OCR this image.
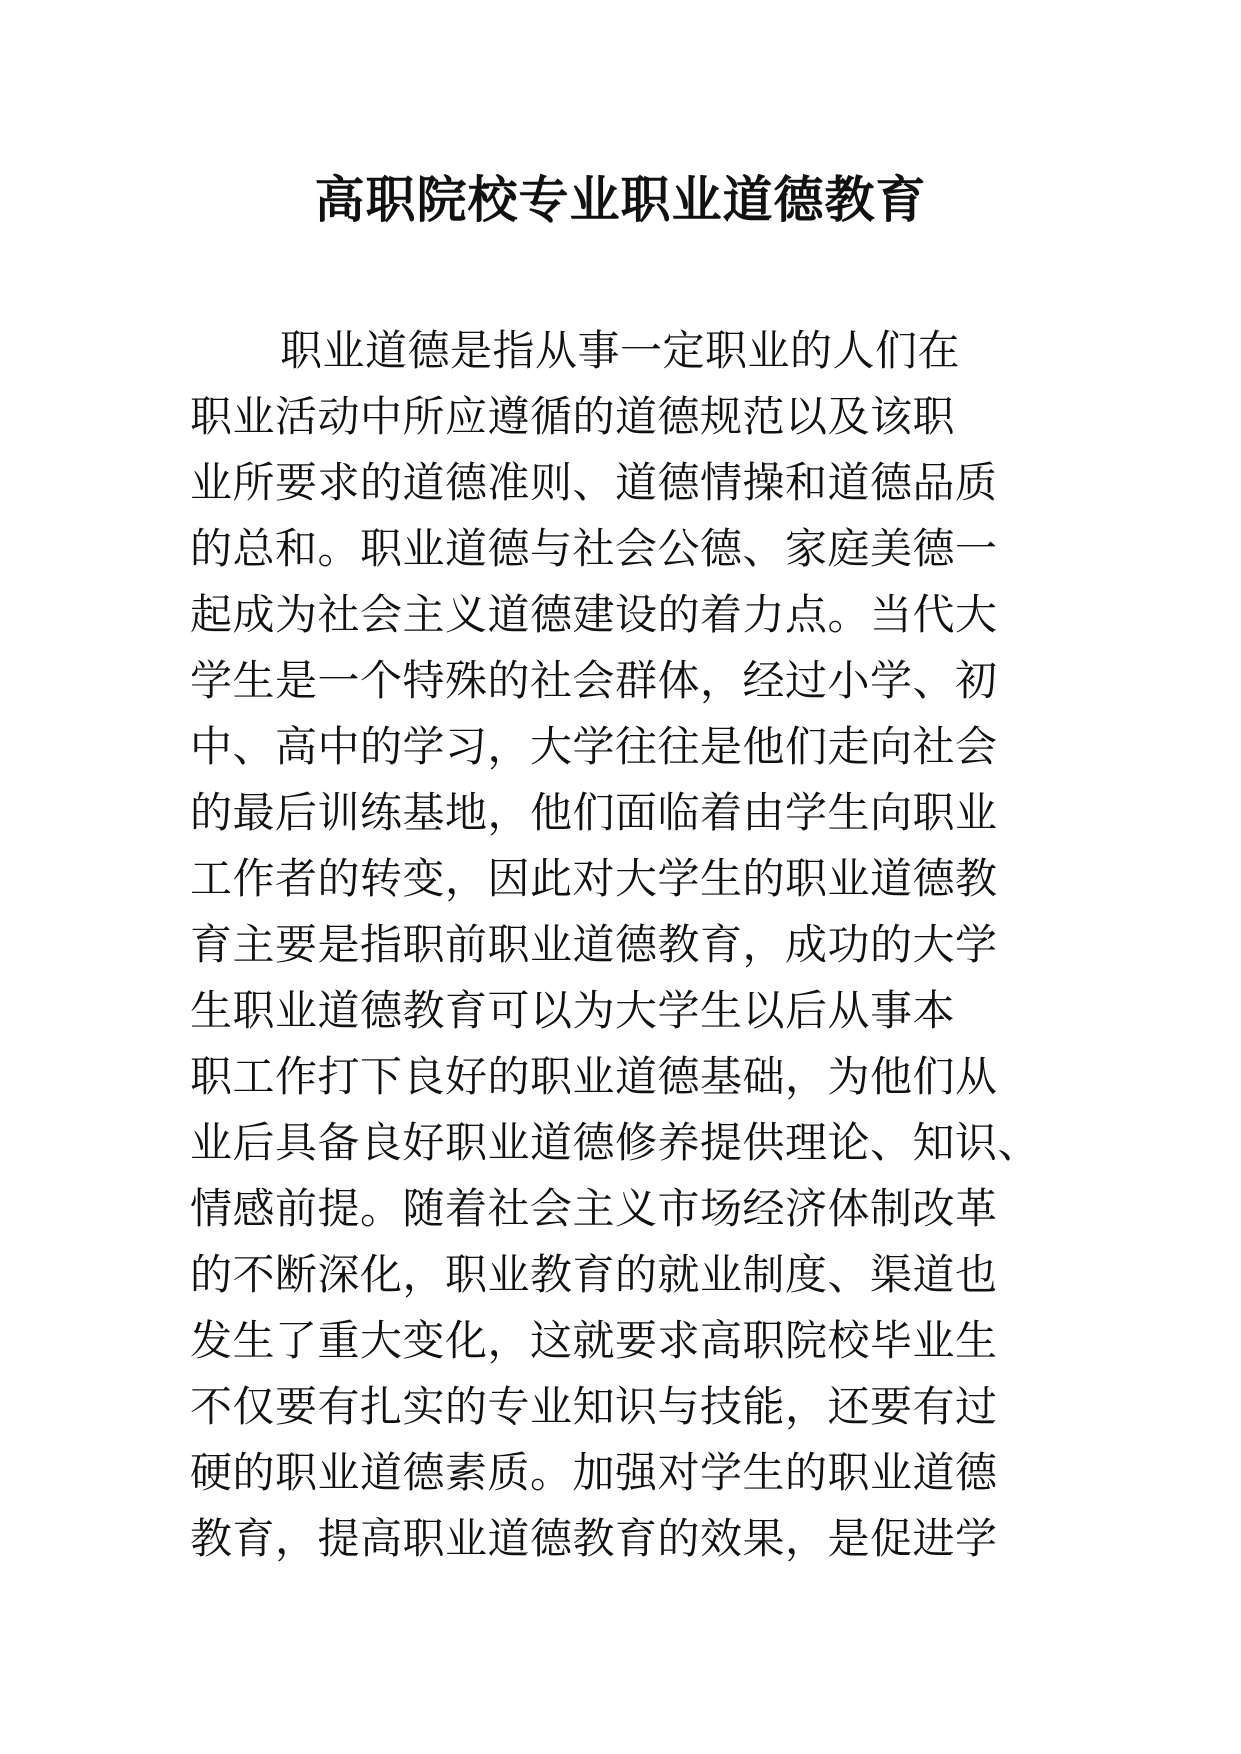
高职院校专业职业道德教育
职业道德是指从事一定职业的人们在
职业活动中所应遵循的道德规范以及该职
业所要求的道德准则、道德情操和道德品质
的总和。职业道德与社会公德、家庭美德一
起成为社会主义道德建设的着力点。当代大
学生是一个特殊的社会群体，经过小学、初
中、高中的学习，大学往往是他们走向社会
的最后训练基地，他们面临着由学生向职业
工作者的转变，因此对大学生的职业道德教
育主要是指职前职业道德教育，成功的大学
生职业道德教育可以为大学生以后从事本
职工作打下良好的职业道德基础，为他们从
业后具备良好职业道德修养提供理论、知识、
情感前提。随着社会主义市场经济体制改革
的不断深化，职业教育的就业制度、渠道也
发生了重大变化，这就要求高职院校毕业生
不仅要有扎实的专业知识与技能，还要有过
硬的职业道德素质。加强对学生的职业道德
教育，提高职业道德教育的效果，是促进学
